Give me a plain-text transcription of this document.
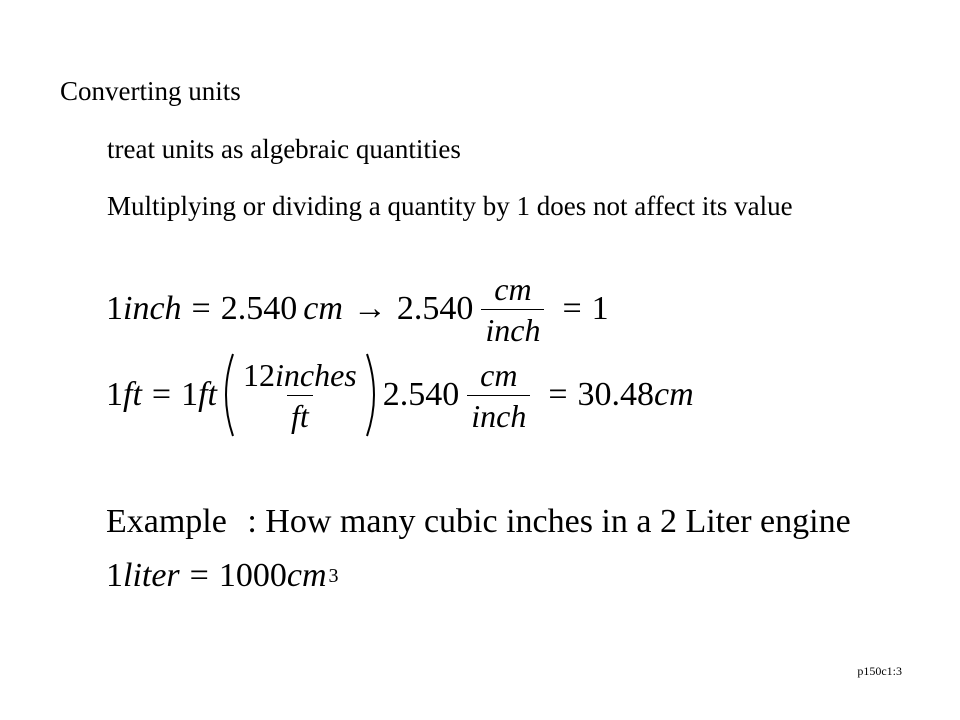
Converting units
treat units as algebraic quantities
Multiplying or dividing a quantity by 1 does not affect its value
1 inch = 2.540 cm → $2.540 \frac{cm}{\text{inch}} = 1$
1 ft = 1 ft $\frac{\text{12inches}}{ft} 2.540 \frac{cm}{\text{inch}} = 30.48$ cm
Example : How many cubic inches in a 2 Liter engine
1 liter = 1000 cm 3
p150c1:3
